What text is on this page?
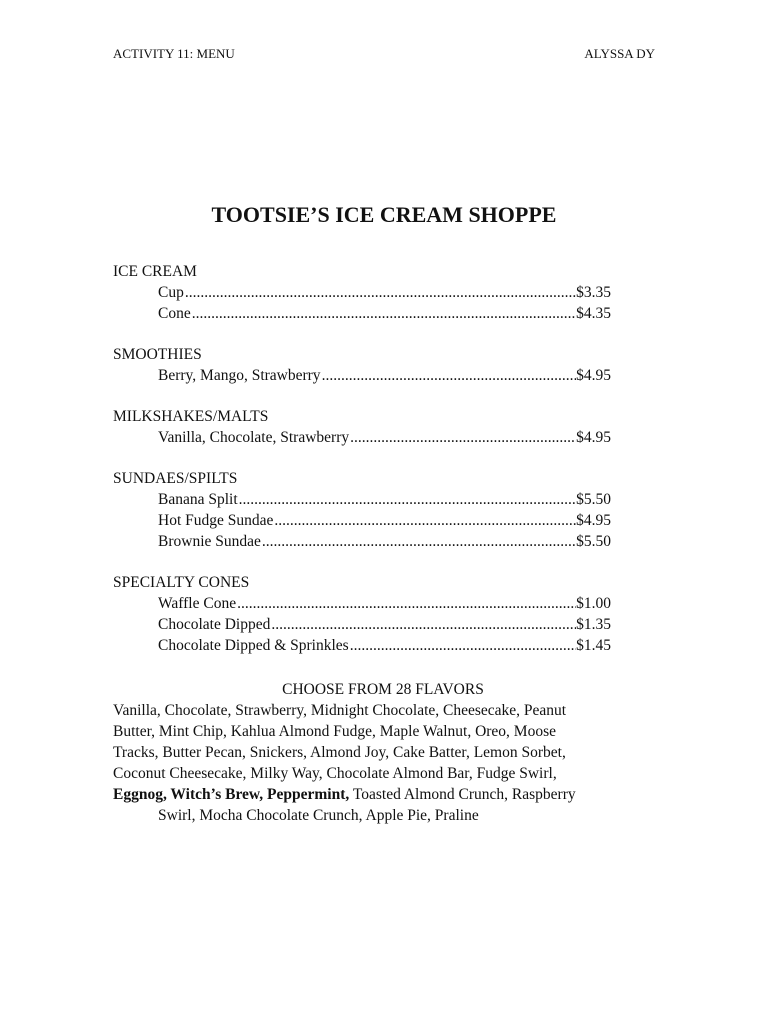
ACTIVITY 11: MENU	ALYSSA DY
TOOTSIE’S ICE CREAM SHOPPE
ICE CREAM
Cup .....	$3.35
Cone .....	$4.35
SMOOTHIES
Berry, Mango, Strawberry .....	$4.95
MILKSHAKES/MALTS
Vanilla, Chocolate, Strawberry .....	$4.95
SUNDAES/SPILTS
Banana Split .....	$5.50
Hot Fudge Sundae .....	$4.95
Brownie Sundae .....	$5.50
SPECIALTY CONES
Waffle Cone .....	$1.00
Chocolate Dipped .....	$1.35
Chocolate Dipped & Sprinkles .....	$1.45
CHOOSE FROM 28 FLAVORS
Vanilla, Chocolate, Strawberry, Midnight Chocolate, Cheesecake, Peanut
Butter, Mint Chip, Kahlua Almond Fudge, Maple Walnut, Oreo, Moose
Tracks, Butter Pecan, Snickers, Almond Joy, Cake Batter, Lemon Sorbet,
Coconut Cheesecake, Milky Way, Chocolate Almond Bar, Fudge Swirl,
Eggnog, Witch’s Brew, Peppermint, Toasted Almond Crunch, Raspberry
Swirl, Mocha Chocolate Crunch, Apple Pie, Praline
